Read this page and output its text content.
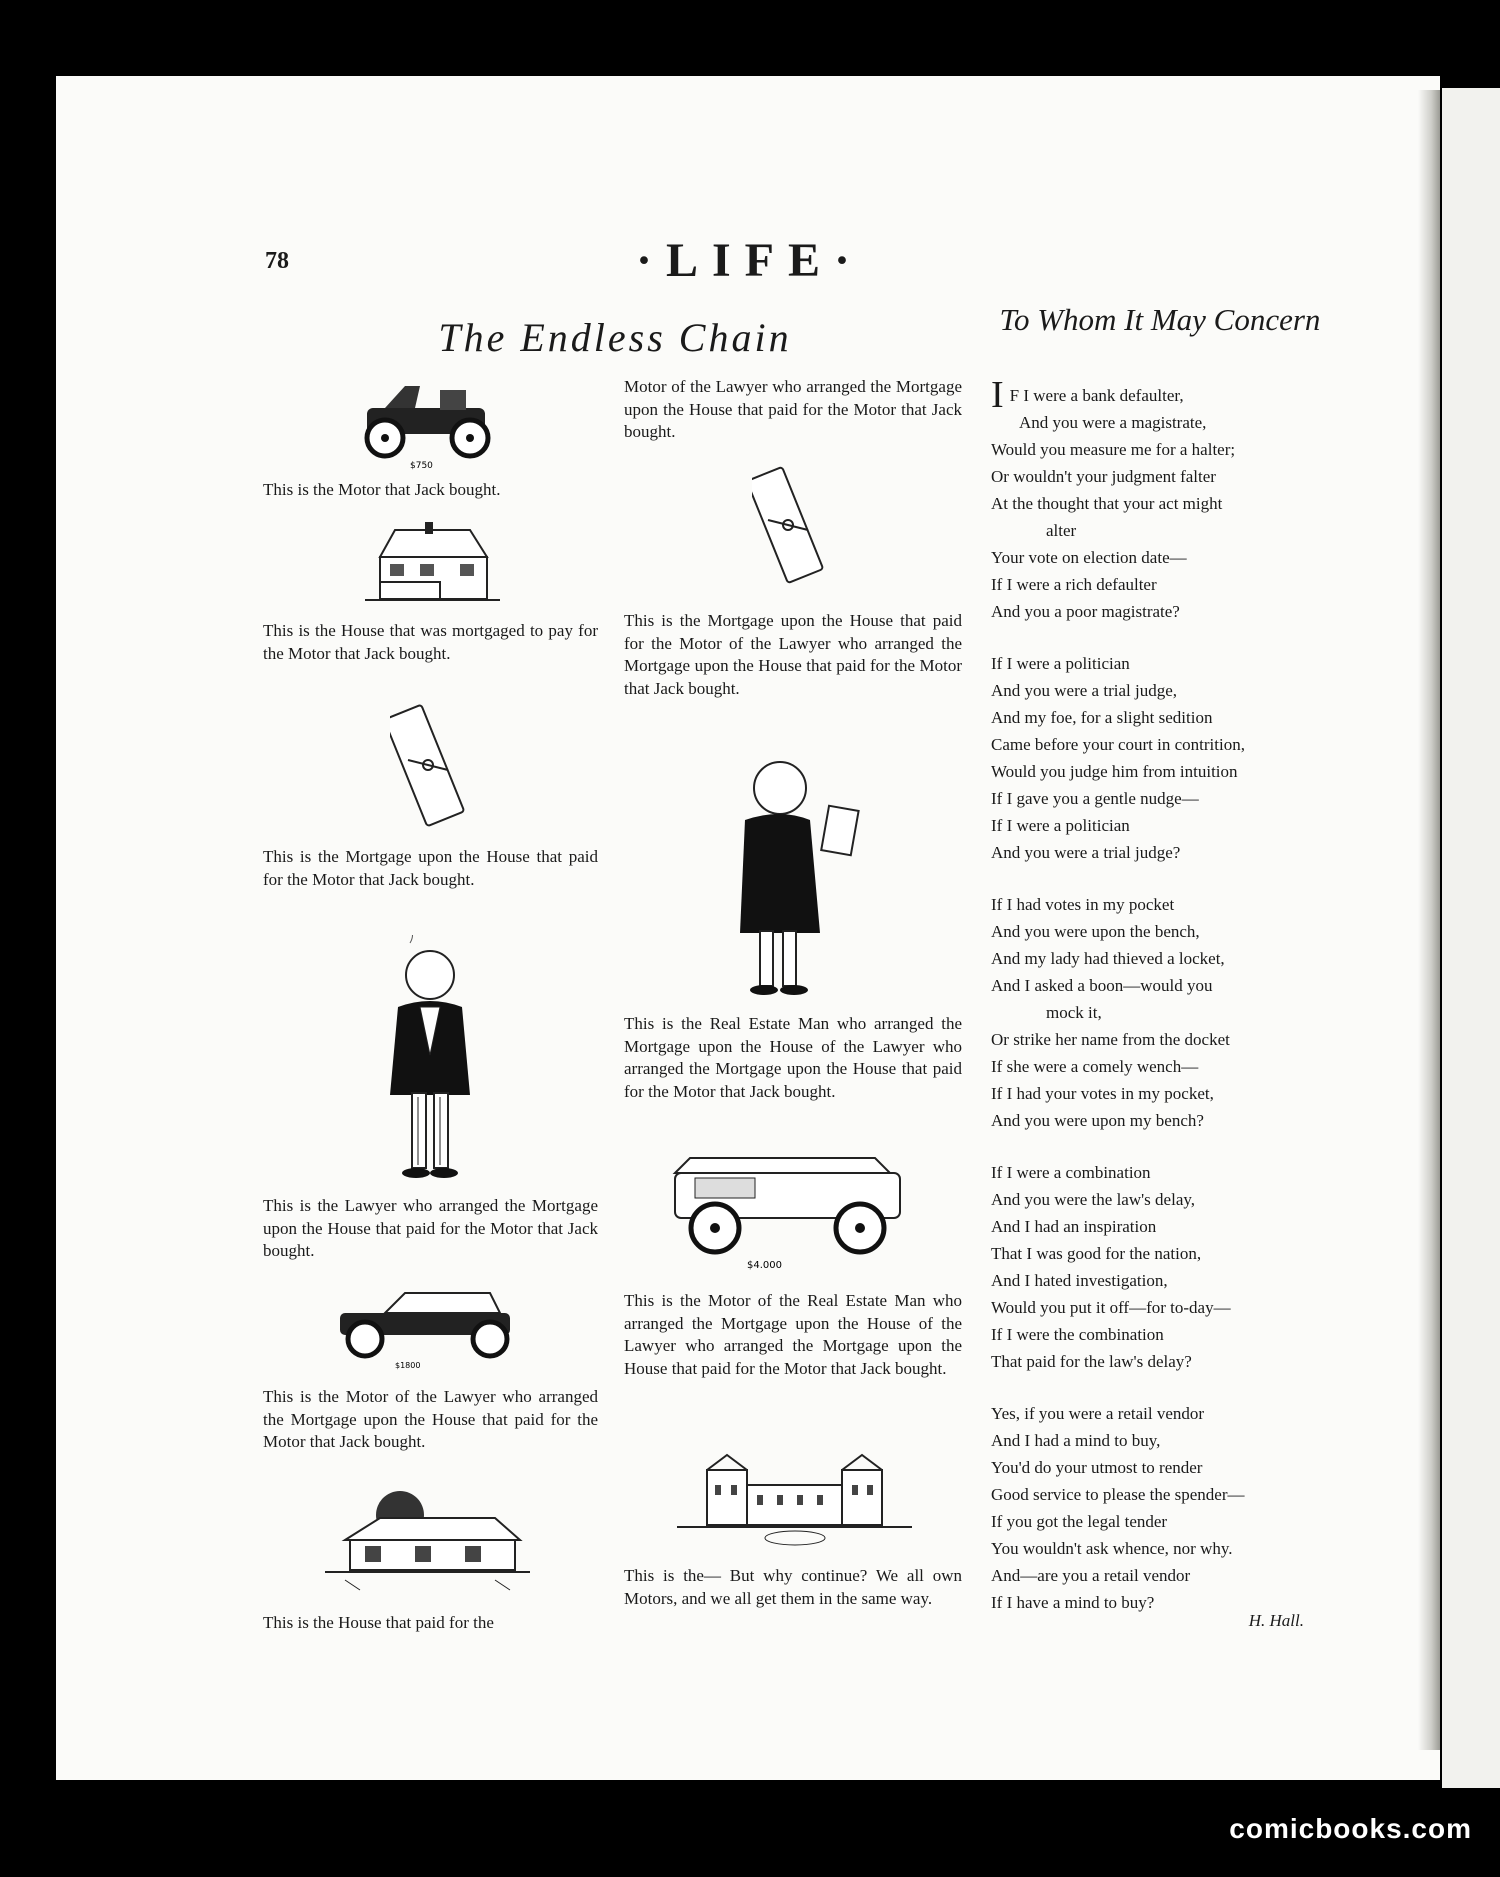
78	·LIFE·
The Endless Chain	To Whom It May Concern
$750
This is the Motor that Jack bought.
This is the House that was mortgaged to pay for the Motor that Jack bought.
This is the Mortgage upon the House that paid for the Motor that Jack bought.
This is the Lawyer who arranged the Mortgage upon the House that paid for the Motor that Jack bought.
$1800
This is the Motor of the Lawyer who arranged the Mortgage upon the House that paid for the Motor that Jack bought.
This is the House that paid for the
Motor of the Lawyer who arranged the Mortgage upon the House that paid for the Motor that Jack bought.
This is the Mortgage upon the House that paid for the Motor of the Lawyer who arranged the Mortgage upon the House that paid for the Motor that Jack bought.
This is the Real Estate Man who arranged the Mortgage upon the House of the Lawyer who arranged the Mortgage upon the House that paid for the Motor that Jack bought.
$4.000
This is the Motor of the Real Estate Man who arranged the Mortgage upon the House of the Lawyer who arranged the Mortgage upon the House that paid for the Motor that Jack bought.
This is the— But why continue? We all own Motors, and we all get them in the same way.
I F I were a bank defaulter,
And you were a magistrate,
Would you measure me for a halter;
Or wouldn't your judgment falter
At the thought that your act might
alter
Your vote on election date—
If I were a rich defaulter
And you a poor magistrate?
If I were a politician
And you were a trial judge,
And my foe, for a slight sedition
Came before your court in contrition,
Would you judge him from intuition
If I gave you a gentle nudge—
If I were a politician
And you were a trial judge?
If I had votes in my pocket
And you were upon the bench,
And my lady had thieved a locket,
And I asked a boon—would you
mock it,
Or strike her name from the docket
If she were a comely wench—
If I had your votes in my pocket,
And you were upon my bench?
If I were a combination
And you were the law's delay,
And I had an inspiration
That I was good for the nation,
And I hated investigation,
Would you put it off—for to-day—
If I were the combination
That paid for the law's delay?
Yes, if you were a retail vendor
And I had a mind to buy,
You'd do your utmost to render
Good service to please the spender—
If you got the legal tender
You wouldn't ask whence, nor why.
And—are you a retail vendor
If I have a mind to buy?
H. Hall.
comicbooks.com
